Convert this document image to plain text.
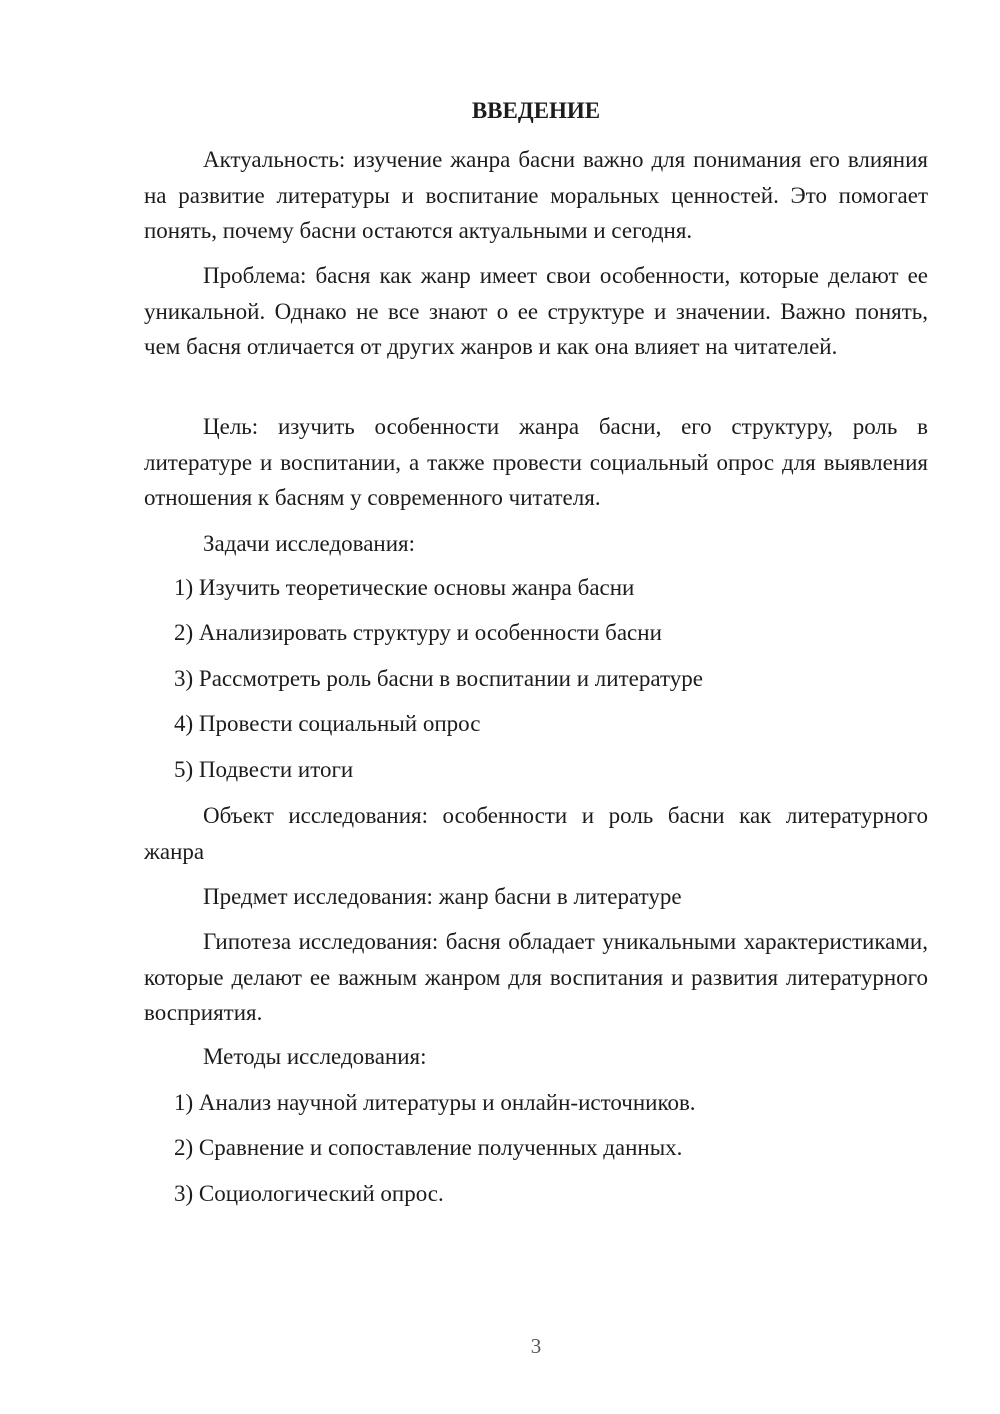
ВВЕДЕНИЕ

Актуальность: изучение жанра басни важно для понимания его влияния на развитие литературы и воспитание моральных ценностей. Это помогает понять, почему басни остаются актуальными и сегодня.

Проблема: басня как жанр имеет свои особенности, которые делают ее уникальной. Однако не все знают о ее структуре и значении. Важно понять, чем басня отличается от других жанров и как она влияет на читателей.

Цель: изучить особенности жанра басни, его структуру, роль в литературе и воспитании, а также провести социальный опрос для выявления отношения к басням у современного читателя.

Задачи исследования:

1) Изучить теоретические основы жанра басни

2) Анализировать структуру и особенности басни

3) Рассмотреть роль басни в воспитании и литературе

4) Провести социальный опрос

5) Подвести итоги

Объект исследования: особенности и роль басни как литературного жанра

Предмет исследования: жанр басни в литературе

Гипотеза исследования: басня обладает уникальными характеристиками, которые делают ее важным жанром для воспитания и развития литературного восприятия.

Методы исследования:

1) Анализ научной литературы и онлайн-источников.

2) Сравнение и сопоставление полученных данных.

3) Социологический опрос.

3
